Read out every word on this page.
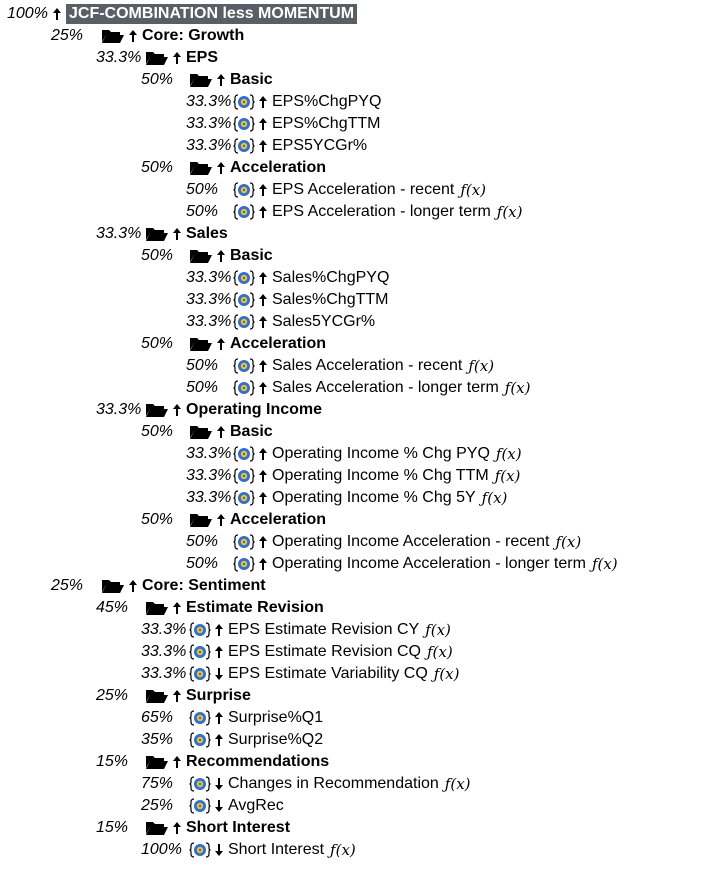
100% JCF-COMBINATION less MOMENTUM
25%	Core: Growth
33.3%	EPS
50%	Basic
33.3%	EPS%ChgPYQ
33.3%	EPS%ChgTTM
33.3%	EPS5YCGr%
50%	Acceleration
50%	EPS Acceleration - recent ƒ(x)
50%	EPS Acceleration - longer term ƒ(x)
33.3%	Sales
50%	Basic
33.3%	Sales%ChgPYQ
33.3%	Sales%ChgTTM
33.3%	Sales5YCGr%
50%	Acceleration
50%	Sales Acceleration - recent ƒ(x)
50%	Sales Acceleration - longer term ƒ(x)
33.3%	Operating Income
50%	Basic
33.3%	Operating Income % Chg PYQ ƒ(x)
33.3%	Operating Income % Chg TTM ƒ(x)
33.3%	Operating Income % Chg 5Y ƒ(x)
50%	Acceleration
50%	Operating Income Acceleration - recent ƒ(x)
50%	Operating Income Acceleration - longer term ƒ(x)
25%	Core: Sentiment
45%	Estimate Revision
33.3%	EPS Estimate Revision CY ƒ(x)
33.3%	EPS Estimate Revision CQ ƒ(x)
33.3%	EPS Estimate Variability CQ ƒ(x)
25%	Surprise
65%	Surprise%Q1
35%	Surprise%Q2
15%	Recommendations
75%	Changes in Recommendation ƒ(x)
25%	AvgRec
15%	Short Interest
100%	Short Interest ƒ(x)
